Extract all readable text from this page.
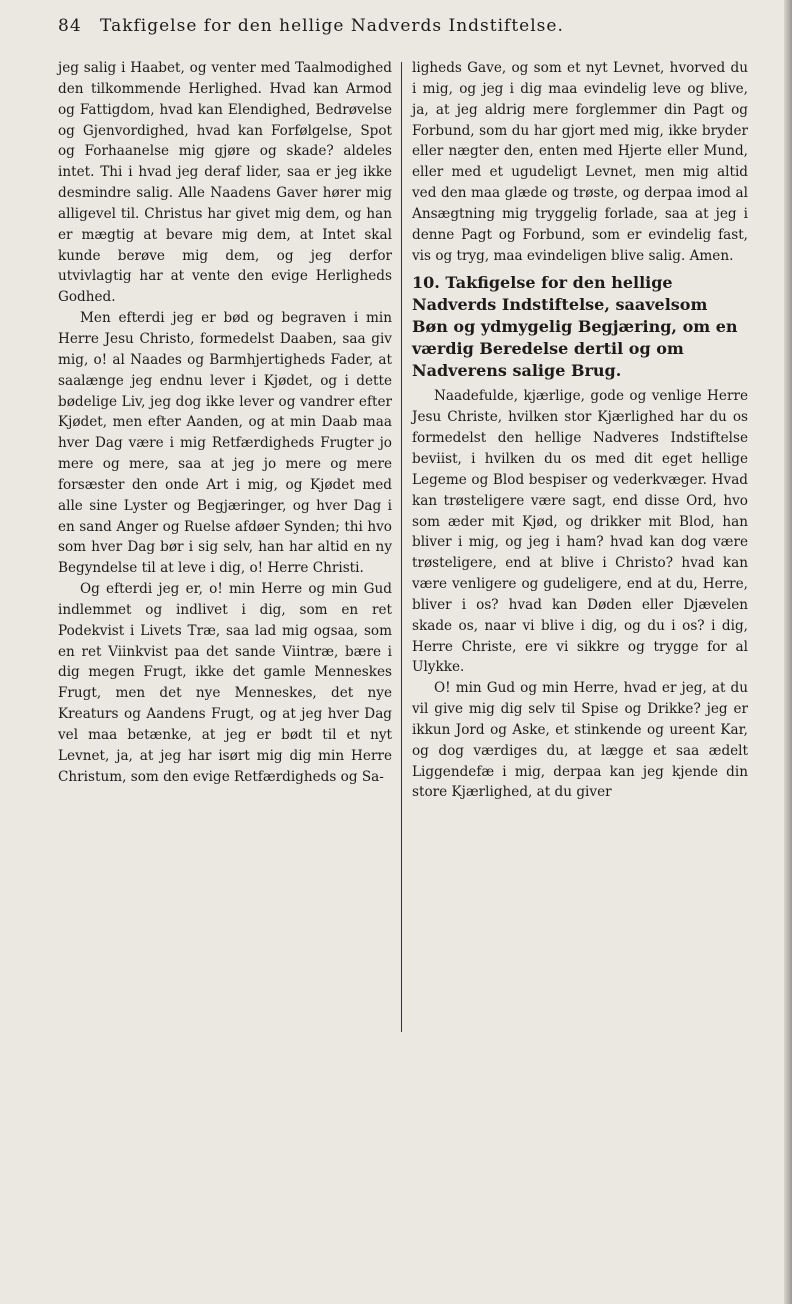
84 Takfigelse for den hellige Nadverds Indstiftelse.

jeg salig i Haabet, og venter med Taalmodighed den tilkommende Herlighed. Hvad kan Armod og Fattigdom, hvad kan Elendighed, Bedrøvelse og Gjenvordighed, hvad kan Forfølgelse, Spot og Forhaanelse mig gjøre og skade? aldeles intet. Thi i hvad jeg deraf lider, saa er jeg ikke desmindre salig. Alle Naadens Gaver hører mig alligevel til. Christus har givet mig dem, og han er mægtig at bevare mig dem, at Intet skal kunde berøve mig dem, og jeg derfor utvivlagtig har at vente den evige Herligheds Godhed.

Men efterdi jeg er bød og begraven i min Herre Jesu Christo, formedelst Daaben, saa giv mig, o! al Naades og Barmhjertigheds Fader, at saalænge jeg endnu lever i Kjødet, og i dette bødelige Liv, jeg dog ikke lever og vandrer efter Kjødet, men efter Aanden, og at min Daab maa hver Dag være i mig Retfærdigheds Frugter jo mere og mere, saa at jeg jo mere og mere forsæster den onde Art i mig, og Kjødet med alle sine Lyster og Begjæringer, og hver Dag i en sand Anger og Ruelse afdøer Synden; thi hvo som hver Dag bør i sig selv, han har altid en ny Begyndelse til at leve i dig, o! Herre Christi.

Og efterdi jeg er, o! min Herre og min Gud indlemmet og indlivet i dig, som en ret Podekvist i Livets Træ, saa lad mig ogsaa, som en ret Viinkvist paa det sande Viintræ, bære i dig megen Frugt, ikke det gamle Menneskes Frugt, men det nye Menneskes, det nye Kreaturs og Aandens Frugt, og at jeg hver Dag vel maa betænke, at jeg er bødt til et nyt Levnet, ja, at jeg har isørt mig dig min Herre Christum, som den evige Retfærdigheds og Sa-

ligheds Gave, og som et nyt Levnet, hvorved du i mig, og jeg i dig maa evindelig leve og blive, ja, at jeg aldrig mere forglemmer din Pagt og Forbund, som du har gjort med mig, ikke bryder eller nægter den, enten med Hjerte eller Mund, eller med et ugudeligt Levnet, men mig altid ved den maa glæde og trøste, og derpaa imod al Ansægtning mig tryggelig forlade, saa at jeg i denne Pagt og Forbund, som er evindelig fast, vis og tryg, maa evindeligen blive salig. Amen.

10. Takfigelse for den hellige Nadverds Indstiftelse, saavelsom Bøn og ydmygelig Begjæring, om en værdig Beredelse dertil og om Nadverens salige Brug.

Naadefulde, kjærlige, gode og venlige Herre Jesu Christe, hvilken stor Kjærlighed har du os formedelst den hellige Nadveres Indstiftelse beviist, i hvilken du os med dit eget hellige Legeme og Blod bespiser og vederkvæger. Hvad kan trøsteligere være sagt, end disse Ord, hvo som æder mit Kjød, og drikker mit Blod, han bliver i mig, og jeg i ham? hvad kan dog være trøsteligere, end at blive i Christo? hvad kan være venligere og gudeligere, end at du, Herre, bliver i os? hvad kan Døden eller Djævelen skade os, naar vi blive i dig, og du i os? i dig, Herre Christe, ere vi sikkre og trygge for al Ulykke.

O! min Gud og min Herre, hvad er jeg, at du vil give mig dig selv til Spise og Drikke? jeg er ikkun Jord og Aske, et stinkende og ureent Kar, og dog værdiges du, at lægge et saa ædelt Liggendefæ i mig, derpaa kan jeg kjende din store Kjærlighed, at du giver
